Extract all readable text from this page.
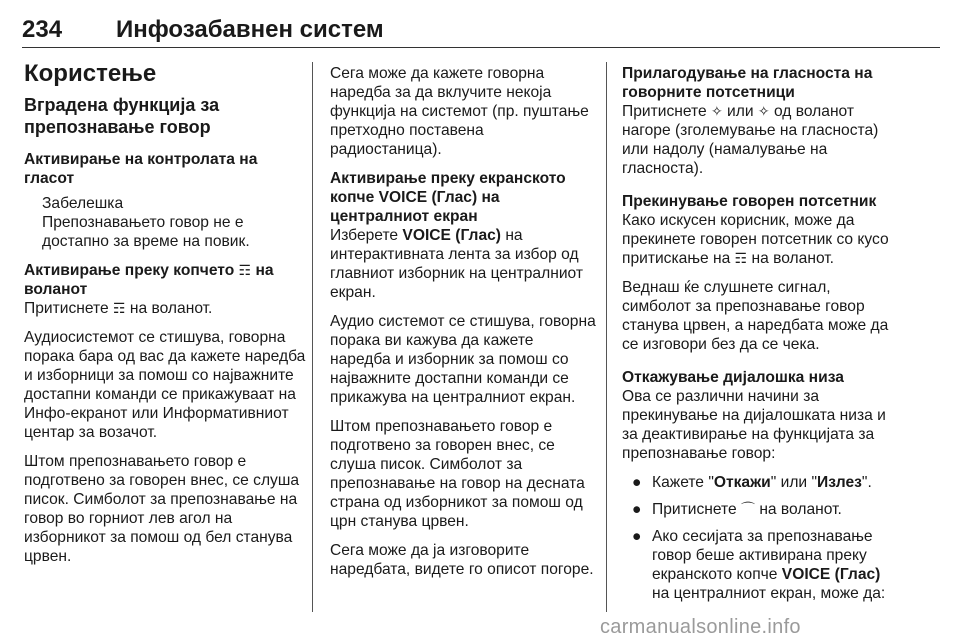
234 Инфозабавнен систем
Користење
Вградена функција за препознавање говор
Активирање на контролата на гласот
Забелешка
Препознавањето говор не е достапно за време на повик.
Активирање преку копчето ☶ на воланот

Притиснете ☶ на воланот.

Аудиосистемот се стишува, говорна порака бара од вас да кажете наредба и изборници за помош со најважните достапни команди се прикажуваат на Инфо-екранот или Информативниот центар за возачот.

Штом препознавањето говор е подготвено за говорен внес, се слуша писок. Симболот за препознавање на говор во горниот лев агол на изборникот за помош од бел станува црвен.

Сега може да кажете говорна наредба за да вклучите некоја функција на системот (пр. пуштање претходно поставена радиостаница).

Активирање преку екранското копче VOICE (Глас) на централниот екран

Изберете VOICE (Глас) на интерактивната лента за избор од главниот изборник на централниот екран.

Аудио системот се стишува, говорна порака ви кажува да кажете наредба и изборник за помош со најважните достапни команди се прикажува на централниот екран.

Штом препознавањето говор е подготвено за говорен внес, се слуша писок. Симболот за препознавање на говор на десната страна од изборникот за помош од црн станува црвен.

Сега може да ја изговорите наредбата, видете го описот погоре.

Прилагодување на гласноста на говорните потсетници

Притиснете ✧ или ✧ од воланот нагоре (зголемување на гласноста) или надолу (намалување на гласноста).

Прекинување говорен потсетник

Како искусен корисник, може да прекинете говорен потсетник со кусо притискање на ☶ на воланот.

Веднаш ќе слушнете сигнал, симболот за препознавање говор станува црвен, а наредбата може да се изговори без да се чека.

Откажување дијалошка низа

Ова се различни начини за прекинување на дијалошката низа и за деактивирање на функцијата за препознавање говор:

● Кажете "Откажи" или "Излез".
● Притиснете ⌒ на воланот.
● Ако сесијата за препознавање говор беше активирана преку екранското копче VOICE (Глас) на централниот екран, може да:
carmanualsonline.info
